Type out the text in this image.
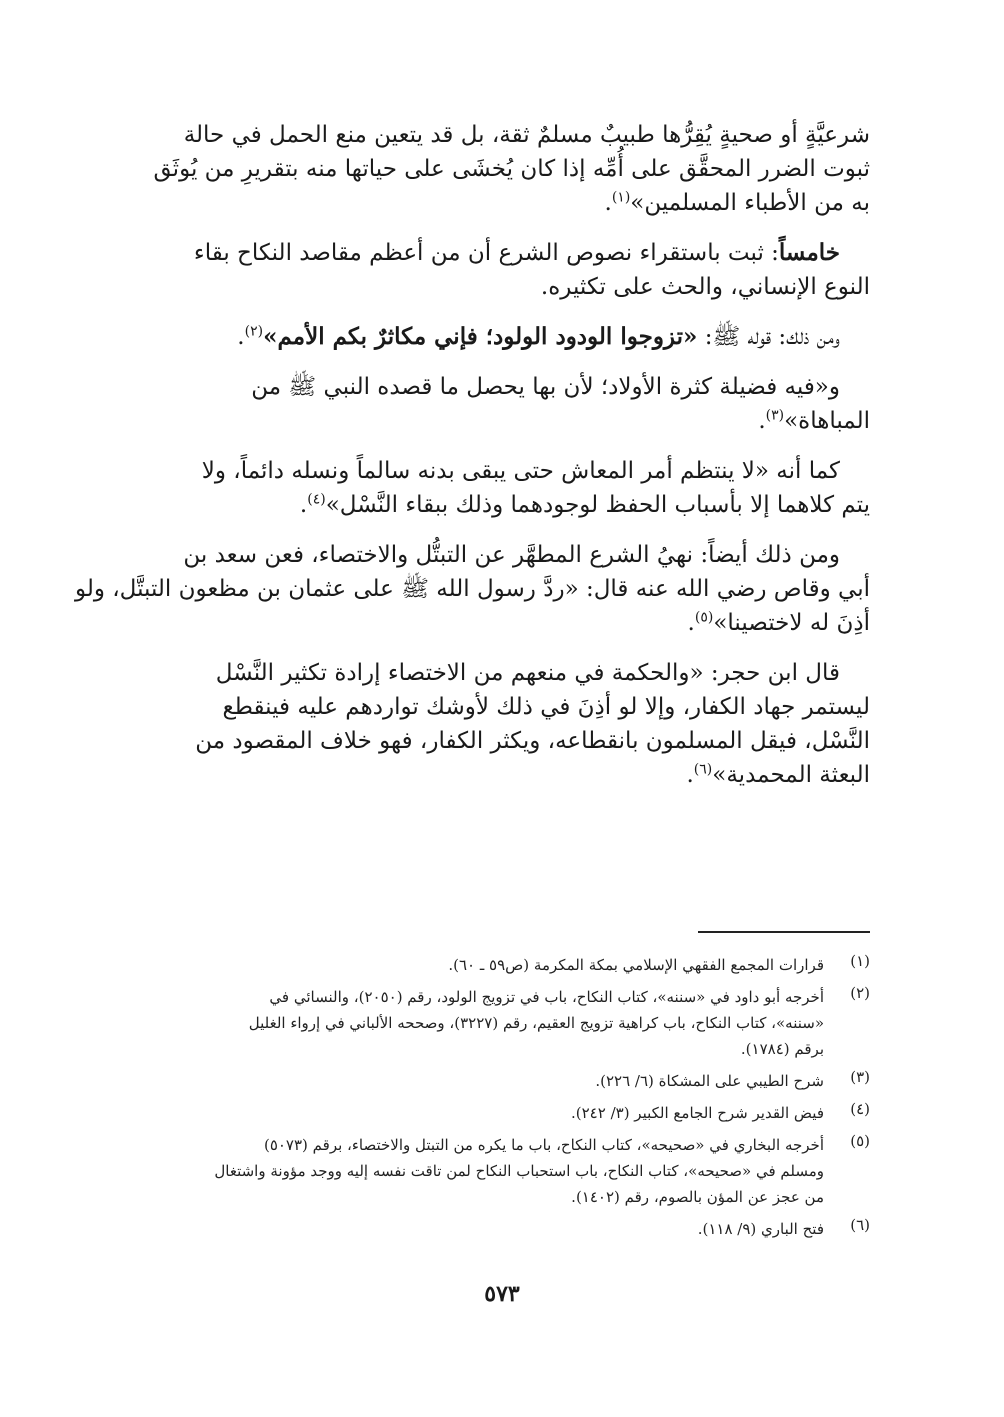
شرعيَّةٍ أو صحيةٍ يُقِرُّها طبيبٌ مسلمٌ ثقة، بل قد يتعين منع الحمل في حالة
ثبوت الضرر المحقَّق على أُمِّه إذا كان يُخشَى على حياتها منه بتقريرِ من يُوثَق
به من الأطباء المسلمين»$^{(١)}$.
خامساً: ثبت باستقراء نصوص الشرع أن من أعظم مقاصد النكاح بقاء
النوع الإنساني، والحث على تكثيره.
ومن ذلك: قوله ﷺ: «تزوجوا الودود الولود؛ فإني مكاثرٌ بكم الأمم»$^{(٢)}$.
و«فيه فضيلة كثرة الأولاد؛ لأن بها يحصل ما قصده النبي ﷺ من
المباهاة»$^{(٣)}$.
كما أنه «لا ينتظم أمر المعاش حتى يبقى بدنه سالماً ونسله دائماً، ولا
يتم كلاهما إلا بأسباب الحفظ لوجودهما وذلك ببقاء النَّسْل»$^{(٤)}$.
ومن ذلك أيضاً: نهيُ الشرع المطهَّر عن التبتُّل والاختصاء، فعن سعد بن
أبي وقاص رضي الله عنه قال: «ردَّ رسول الله ﷺ على عثمان بن مظعون التبتَّل، ولو
أذِنَ له لاختصينا»$^{(٥)}$.
قال ابن حجر: «والحكمة في منعهم من الاختصاء إرادة تكثير النَّسْل
ليستمر جهاد الكفار، وإلا لو أذِنَ في ذلك لأوشك تواردهم عليه فينقطع
النَّسْل، فيقل المسلمون بانقطاعه، ويكثر الكفار، فهو خلاف المقصود من
البعثة المحمدية»$^{(٦)}$.
(١)
قرارات المجمع الفقهي الإسلامي بمكة المكرمة (ص٥٩ ـ ٦٠).
(٢)
أخرجه أبو داود في «سننه»، كتاب النكاح، باب في تزويج الولود، رقم (٢٠٥٠)، والنسائي في
«سننه»، كتاب النكاح، باب كراهية تزويج العقيم، رقم (٣٢٢٧)، وصححه الألباني في إرواء الغليل
برقم (١٧٨٤).
(٣)
شرح الطيبي على المشكاة (٦/ ٢٢٦).
(٤)
فيض القدير شرح الجامع الكبير (٣/ ٢٤٢).
(٥)
أخرجه البخاري في «صحيحه»، كتاب النكاح، باب ما يكره من التبتل والاختصاء، برقم (٥٠٧٣)
ومسلم في «صحيحه»، كتاب النكاح، باب استحباب النكاح لمن تاقت نفسه إليه ووجد مؤونة واشتغال
من عجز عن المؤن بالصوم، رقم (١٤٠٢).
(٦)
فتح الباري (٩/ ١١٨).
٥٧٣
